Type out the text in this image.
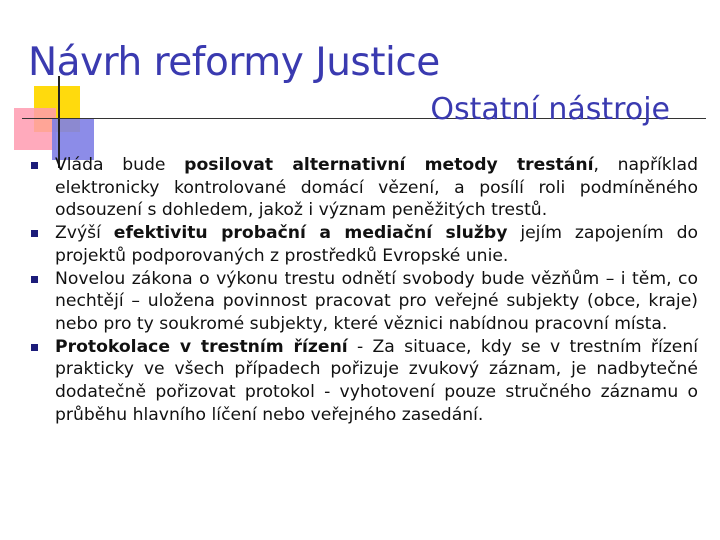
Návrh reformy Justice
Ostatní nástroje
Vláda bude posilovat alternativní metody trestání, například elektronicky kontrolované domácí vězení, a posílí roli podmíněného odsouzení s dohledem, jakož i význam peněžitých trestů.
Zvýší efektivitu probační a mediační služby jejím zapojením do projektů podporovaných z prostředků Evropské unie.
Novelou zákona o výkonu trestu odnětí svobody bude vězňům – i těm, co nechtějí – uložena povinnost pracovat pro veřejné subjekty (obce, kraje) nebo pro ty soukromé subjekty, které věznici nabídnou pracovní místa.
Protokolace v trestním řízení - Za situace, kdy se v trestním řízení prakticky ve všech případech pořizuje zvukový záznam, je nadbytečné dodatečně pořizovat protokol - vyhotovení pouze stručného záznamu o průběhu hlavního líčení nebo veřejného zasedání.
